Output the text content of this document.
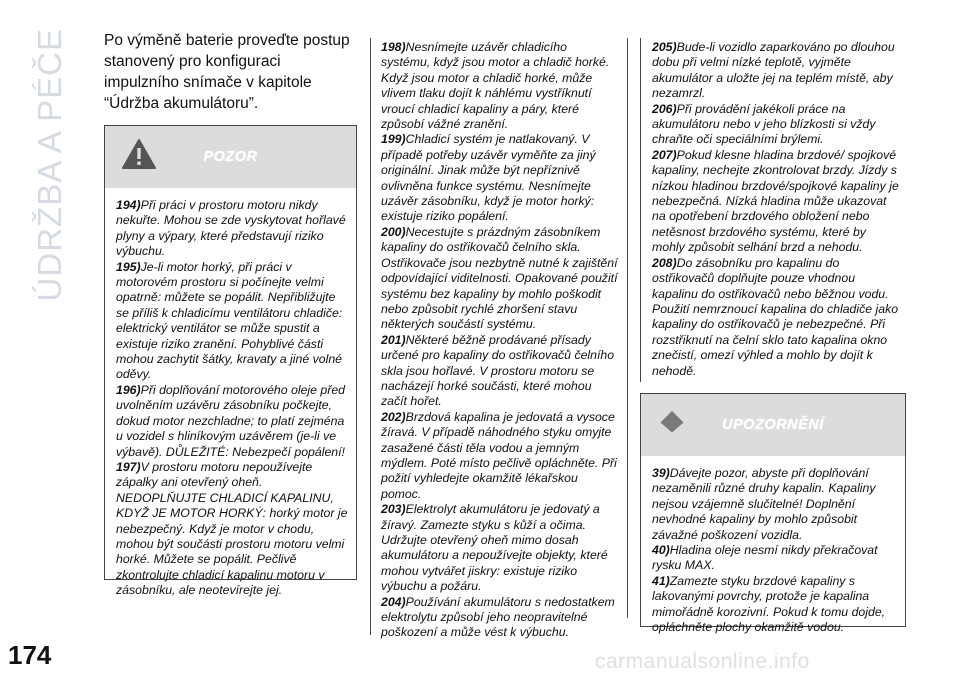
ÚDRŽBA A PÉČE Po výměně baterie proveďte postup stanovený pro konfiguraci impulzního snímače v kapitole “Údržba akumulátoru”.
POZOR

194)Při práci v prostoru motoru nikdy nekuřte. Mohou se zde vyskytovat hořlavé plyny a výpary, které představují riziko výbuchu.

195)Je-li motor horký, při práci v motorovém prostoru si počínejte velmi opatrně: můžete se popálit. Nepřibližujte se příliš k chladicímu ventilátoru chladiče: elektrický ventilátor se může spustit a existuje riziko zranění. Pohyblivé části mohou zachytit šátky, kravaty a jiné volné oděvy.

196)Při doplňování motorového oleje před uvolněním uzávěru zásobníku počkejte, dokud motor nezchladne; to platí zejména u vozidel s hliníkovým uzávěrem (je-li ve výbavě). DŮLEŽITÉ: Nebezpečí popálení!

197)V prostoru motoru nepoužívejte zápalky ani otevřený oheň. NEDOPLŇUJTE CHLADICÍ KAPALINU, KDYŽ JE MOTOR HORKÝ: horký motor je nebezpečný. Když je motor v chodu, mohou být součásti prostoru motoru velmi horké. Můžete se popálit. Pečlivě zkontrolujte chladicí kapalinu motoru v zásobníku, ale neotevírejte jej.

198)Nesnímejte uzávěr chladicího systému, když jsou motor a chladič horké. Když jsou motor a chladič horké, může vlivem tlaku dojít k náhlému vystříknutí vroucí chladicí kapaliny a páry, které způsobí vážné zranění.

199)Chladicí systém je natlakovaný. V případě potřeby uzávěr vyměňte za jiný originální. Jinak může být nepříznivě ovlivněna funkce systému. Nesnímejte uzávěr zásobníku, když je motor horký: existuje riziko popálení.

200)Necestujte s prázdným zásobníkem kapaliny do ostřikovačů čelního skla. Ostřikovače jsou nezbytně nutné k zajištění odpovídající viditelnosti. Opakované použití systému bez kapaliny by mohlo poškodit nebo způsobit rychlé zhoršení stavu některých součástí systému.

201)Některé běžně prodávané přísady určené pro kapaliny do ostřikovačů čelního skla jsou hořlavé. V prostoru motoru se nacházejí horké součásti, které mohou začít hořet.

202)Brzdová kapalina je jedovatá a vysoce žíravá. V případě náhodného styku omyjte zasažené části těla vodou a jemným mýdlem. Poté místo pečlivě opláchněte. Při požití vyhledejte okamžitě lékařskou pomoc.

203)Elektrolyt akumulátoru je jedovatý a žíravý. Zamezte styku s kůží a očima. Udržujte otevřený oheň mimo dosah akumulátoru a nepoužívejte objekty, které mohou vytvářet jiskry: existuje riziko výbuchu a požáru.

204)Používání akumulátoru s nedostatkem elektrolytu způsobí jeho neopravitelné poškození a může vést k výbuchu.

205)Bude-li vozidlo zaparkováno po dlouhou dobu při velmi nízké teplotě, vyjměte akumulátor a uložte jej na teplém místě, aby nezamrzl.

206)Při provádění jakékoli práce na akumulátoru nebo v jeho blízkosti si vždy chraňte oči speciálními brýlemi.

207)Pokud klesne hladina brzdové/ spojkové kapaliny, nechejte zkontrolovat brzdy. Jízdy s nízkou hladinou brzdové/spojkové kapaliny je nebezpečná. Nízká hladina může ukazovat na opotřebení brzdového obložení nebo netěsnost brzdového systému, které by mohly způsobit selhání brzd a nehodu.

208)Do zásobníku pro kapalinu do ostřikovačů doplňujte pouze vhodnou kapalinu do ostřikovačů nebo běžnou vodu. Použití nemrznoucí kapalina do chladiče jako kapaliny do ostřikovačů je nebezpečné. Při rozstřiknutí na čelní sklo tato kapalina okno znečistí, omezí výhled a mohlo by dojít k nehodě.

UPOZORNĚNÍ

39)Dávejte pozor, abyste při doplňování nezaměnili různé druhy kapalin. Kapaliny nejsou vzájemně slučitelné! Doplnění nevhodné kapaliny by mohlo způsobit závažné poškození vozidla.

40)Hladina oleje nesmí nikdy překračovat rysku MAX.

41)Zamezte styku brzdové kapaliny s lakovanými povrchy, protože je kapalina mimořádně korozivní. Pokud k tomu dojde, opláchněte plochy okamžitě vodou.

174	carmanualsonline.info
